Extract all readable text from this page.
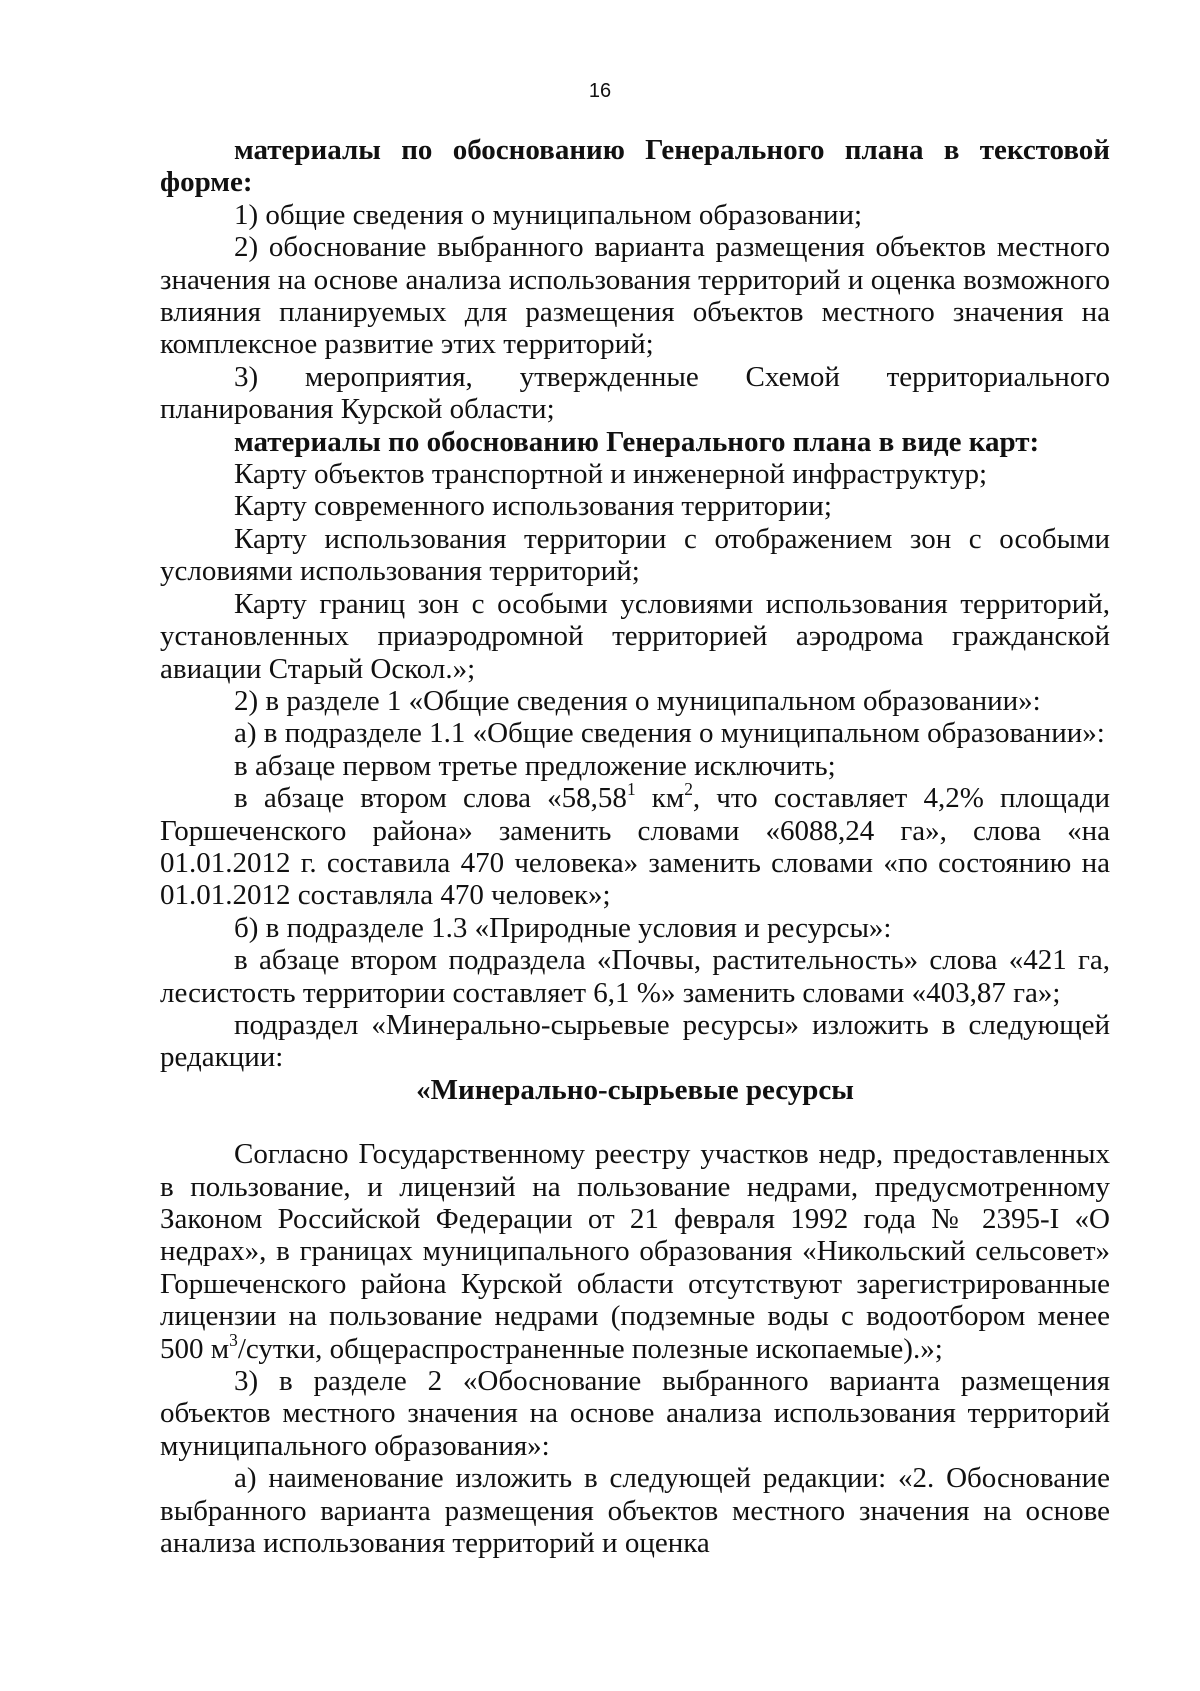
16

материалы по обоснованию Генерального плана в текстовой форме:

1) общие сведения о муниципальном образовании;

2) обоснование выбранного варианта размещения объектов местного значения на основе анализа использования территорий и оценка возможного влияния планируемых для размещения объектов местного значения на комплексное развитие этих территорий;

3) мероприятия, утвержденные Схемой территориального планирования Курской области;

материалы по обоснованию Генерального плана в виде карт:

Карту объектов транспортной и инженерной инфраструктур;

Карту современного использования территории;

Карту использования территории с отображением зон с особыми условиями использования территорий;

Карту границ зон с особыми условиями использования территорий, установленных приаэродромной территорией аэродрома гражданской авиации Старый Оскол.»;

2) в разделе 1 «Общие сведения о муниципальном образовании»:

а) в подразделе 1.1 «Общие сведения о муниципальном образовании»:

в абзаце первом третье предложение исключить;

в абзаце втором слова «58,58$^1$ $км^2$, что составляет 4,2% площади Горшеченского района» заменить словами «6088,24 га», слова «на 01.01.2012 г. составила 470 человека» заменить словами «по состоянию на 01.01.2012 составляла 470 человек»;

б) в подразделе 1.3 «Природные условия и ресурсы»:

в абзаце втором подраздела «Почвы, растительность» слова «421 га, лесистость территории составляет 6,1 %» заменить словами «403,87 га»;

подраздел «Минерально-сырьевые ресурсы» изложить в следующей редакции:

«Минерально-сырьевые ресурсы

Согласно Государственному реестру участков недр, предоставленных в пользование, и лицензий на пользование недрами, предусмотренному Законом Российской Федерации от 21 февраля 1992 года № 2395-I «О недрах», в границах муниципального образования «Никольский сельсовет» Горшеченского района Курской области отсутствуют зарегистрированные лицензии на пользование недрами (подземные воды с водоотбором менее 500 $м^3$/сутки, общераспространенные полезные ископаемые).»;

3) в разделе 2 «Обоснование выбранного варианта размещения объектов местного значения на основе анализа использования территорий муниципального образования»:

а) наименование изложить в следующей редакции: «2. Обоснование выбранного варианта размещения объектов местного значения на основе анализа использования территорий и оценка
